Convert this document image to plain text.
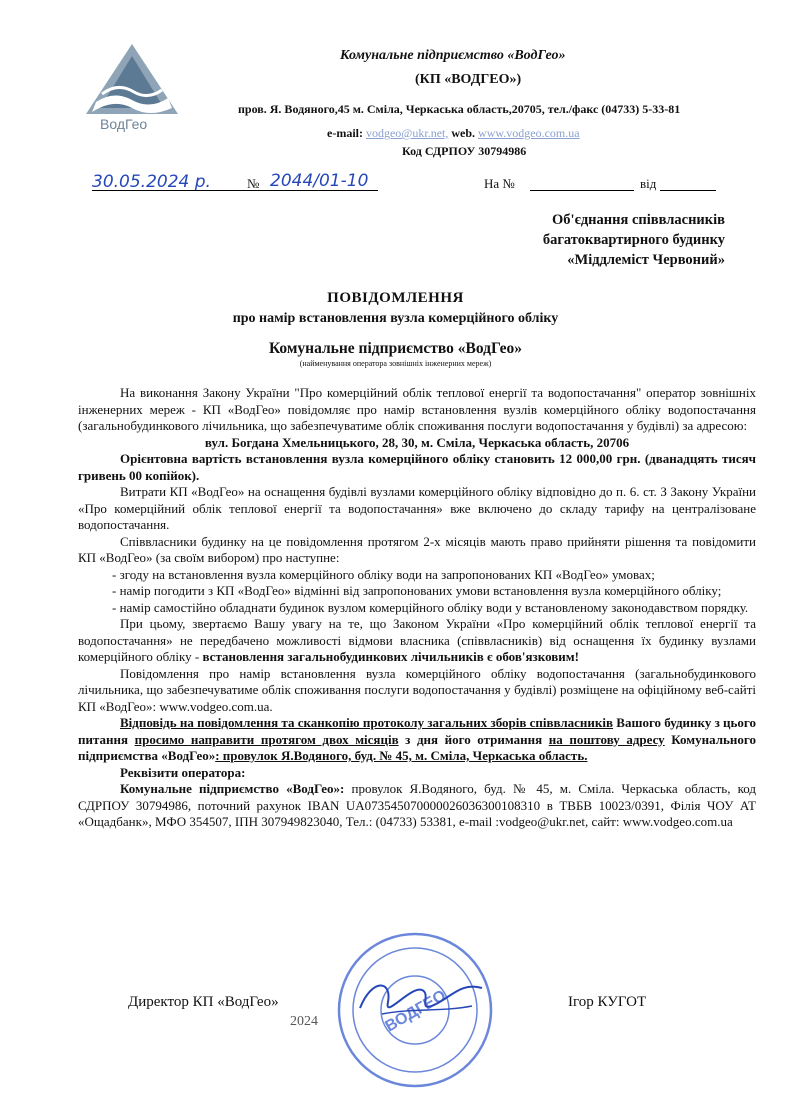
ВодГео
Комунальне підприємство «ВодГео»
(КП «ВОДГЕО»)
пров. Я. Водяного,45 м. Сміла, Черкаська область,20705, тел./факс (04733) 5-33-81
e-mail: vodgeo@ukr.net, web. www.vodgeo.com.ua
Код СДРПОУ 30794986
30.05.2024 р.	№ 2044/01-10	На №	від
Об'єднання співвласників
багатоквартирного будинку
«Міддлеміст Червоний»
ПОВІДОМЛЕННЯ
про намір встановлення вузла комерційного обліку
Комунальне підприємство «ВодГео»
(найменування оператора зовнішніх інженерних мереж)

На виконання Закону України "Про комерційний облік теплової енергії та водопостачання" оператор зовнішніх інженерних мереж - КП «ВодГео» повідомляє про намір встановлення вузлів комерційного обліку водопостачання (загальнобудинкового лічильника, що забезпечуватиме облік споживання послуги водопостачання у будівлі) за адресою:

вул. Богдана Хмельницького, 28, 30, м. Сміла, Черкаська область, 20706

Орієнтовна вартість встановлення вузла комерційного обліку становить 12 000,00 грн. (дванадцять тисяч гривень 00 копійок).

Витрати КП «ВодГео» на оснащення будівлі вузлами комерційного обліку відповідно до п. 6. ст. З Закону України «Про комерційний облік теплової енергії та водопостачання» вже включено до складу тарифу на централізоване водопостачання.

Співвласники будинку на це повідомлення протягом 2-х місяців мають право прийняти рішення та повідомити КП «ВодГео» (за своїм вибором) про наступне:

- згоду на встановлення вузла комерційного обліку води на запропонованих КП «ВодГео» умовах;

- намір погодити з КП «ВодГео» відмінні від запропонованих умови встановлення вузла комерційного обліку;

- намір самостійно обладнати будинок вузлом комерційного обліку води у встановленому законодавством порядку.

При цьому, звертаємо Вашу увагу на те, що Законом України «Про комерційний облік теплової енергії та водопостачання» не передбачено можливості відмови власника (співвласників) від оснащення їх будинку вузлами комерційного обліку - встановлення загальнобудинкових лічильників є обов'язковим!

Повідомлення про намір встановлення вузла комерційного обліку водопостачання (загальнобудинкового лічильника, що забезпечуватиме облік споживання послуги водопостачання у будівлі) розміщене на офіційному веб-сайті КП «ВодГео»: www.vodgeo.com.ua.

Відповідь на повідомлення та сканкопію протоколу загальних зборів співвласників Вашого будинку з цього питання просимо направити протягом двох місяців з дня його отримання на поштову адресу Комунального підприємства «ВодГео»: провулок Я.Водяного, буд. № 45, м. Сміла, Черкаська область.

Реквізити оператора:

Комунальне підприємство «ВодГео»: провулок Я.Водяного, буд. № 45, м. Сміла. Черкаська область, код СДРПОУ 30794986, поточний рахунок IBAN UA073545070000026036300108310 в ТВБВ 10023/0391, Філія ЧОУ АТ «Ощадбанк», МФО 354507, ІПН 307949823040, Тел.: (04733) 53381, e-mail :vodgeo@ukr.net, сайт: www.vodgeo.com.ua

ВОДГЕО
Директор КП «ВодГео»	Ігор КУГОТ
2024
